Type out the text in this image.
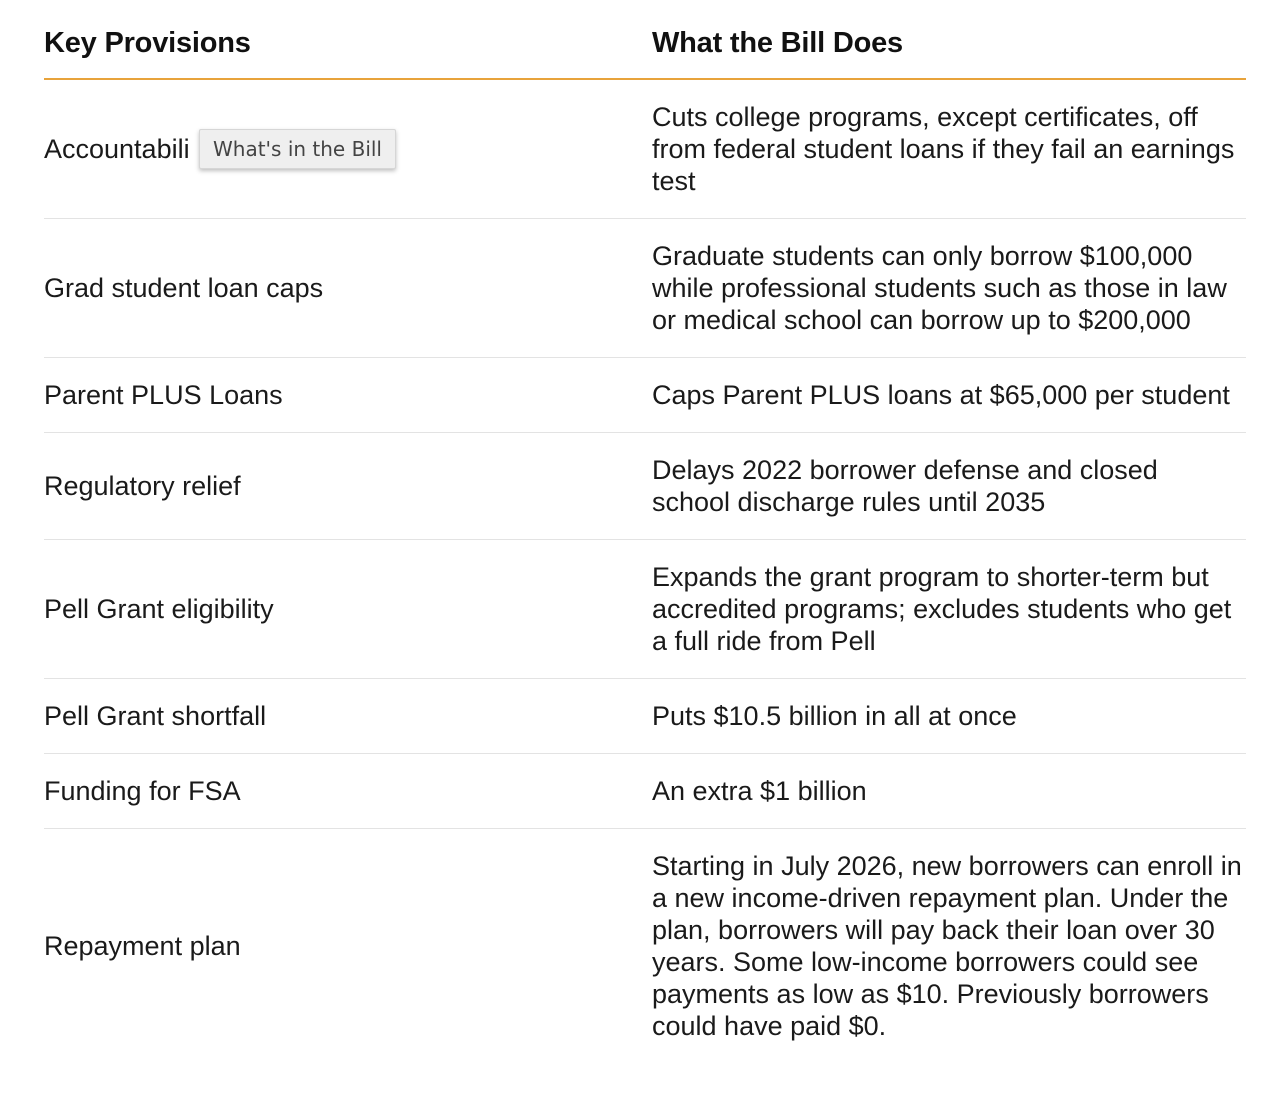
Key Provisions	What the Bill Does
Accountabili What's in the Bill	Cuts college programs, except certificates, off from federal student loans if they fail an earnings test
Grad student loan caps	Graduate students can only borrow $100,000 while professional students such as those in law or medical school can borrow up to $200,000
Parent PLUS Loans	Caps Parent PLUS loans at $65,000 per student
Regulatory relief	Delays 2022 borrower defense and closed school discharge rules until 2035
Pell Grant eligibility	Expands the grant program to shorter-term but accredited programs; excludes students who get a full ride from Pell
Pell Grant shortfall	Puts $10.5 billion in all at once
Funding for FSA	An extra $1 billion
Repayment plan	Starting in July 2026, new borrowers can enroll in a new income-driven repayment plan. Under the plan, borrowers will pay back their loan over 30 years. Some low-income borrowers could see payments as low as $10. Previously borrowers could have paid $0.
